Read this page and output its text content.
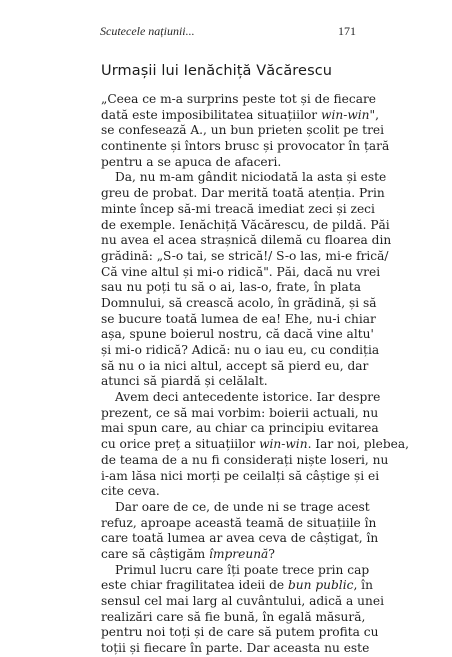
Scutecele națiunii...	171
Urmașii lui Ienăchiță Văcărescu
„Ceea ce m-a surprins peste tot și de fiecare
dată este imposibilitatea situațiilor win-win",
se confesează A., un bun prieten școlit pe trei
continente și întors brusc și provocator în țară
pentru a se apuca de afaceri.
Da, nu m-am gândit niciodată la asta și este
greu de probat. Dar merită toată atenția. Prin
minte încep să-mi treacă imediat zeci și zeci
de exemple. Ienăchiță Văcărescu, de pildă. Păi
nu avea el acea strașnică dilemă cu floarea din
grădină: „S-o tai, se strică!/ S-o las, mi-e frică/
Că vine altul și mi-o ridică". Păi, dacă nu vrei
sau nu poți tu să o ai, las-o, frate, în plata
Domnului, să crească acolo, în grădină, și să
se bucure toată lumea de ea! Ehe, nu-i chiar
așa, spune boierul nostru, că dacă vine altu'
și mi-o ridică? Adică: nu o iau eu, cu condiția
să nu o ia nici altul, accept să pierd eu, dar
atunci să piardă și celălalt.
Avem deci antecedente istorice. Iar despre
prezent, ce să mai vorbim: boierii actuali, nu
mai spun care, au chiar ca principiu evitarea
cu orice preț a situațiilor win-win. Iar noi, plebea,
de teama de a nu fi considerați niște loseri, nu
i-am lăsa nici morți pe ceilalți să câștige și ei
cite ceva.
Dar oare de ce, de unde ni se trage acest
refuz, aproape această teamă de situațiile în
care toată lumea ar avea ceva de câștigat, în
care să câștigăm împreună?
Primul lucru care îți poate trece prin cap
este chiar fragilitatea ideii de bun public, în
sensul cel mai larg al cuvântului, adică a unei
realizări care să fie bună, în egală măsură,
pentru noi toți și de care să putem profita cu
toții și fiecare în parte. Dar aceasta nu este
